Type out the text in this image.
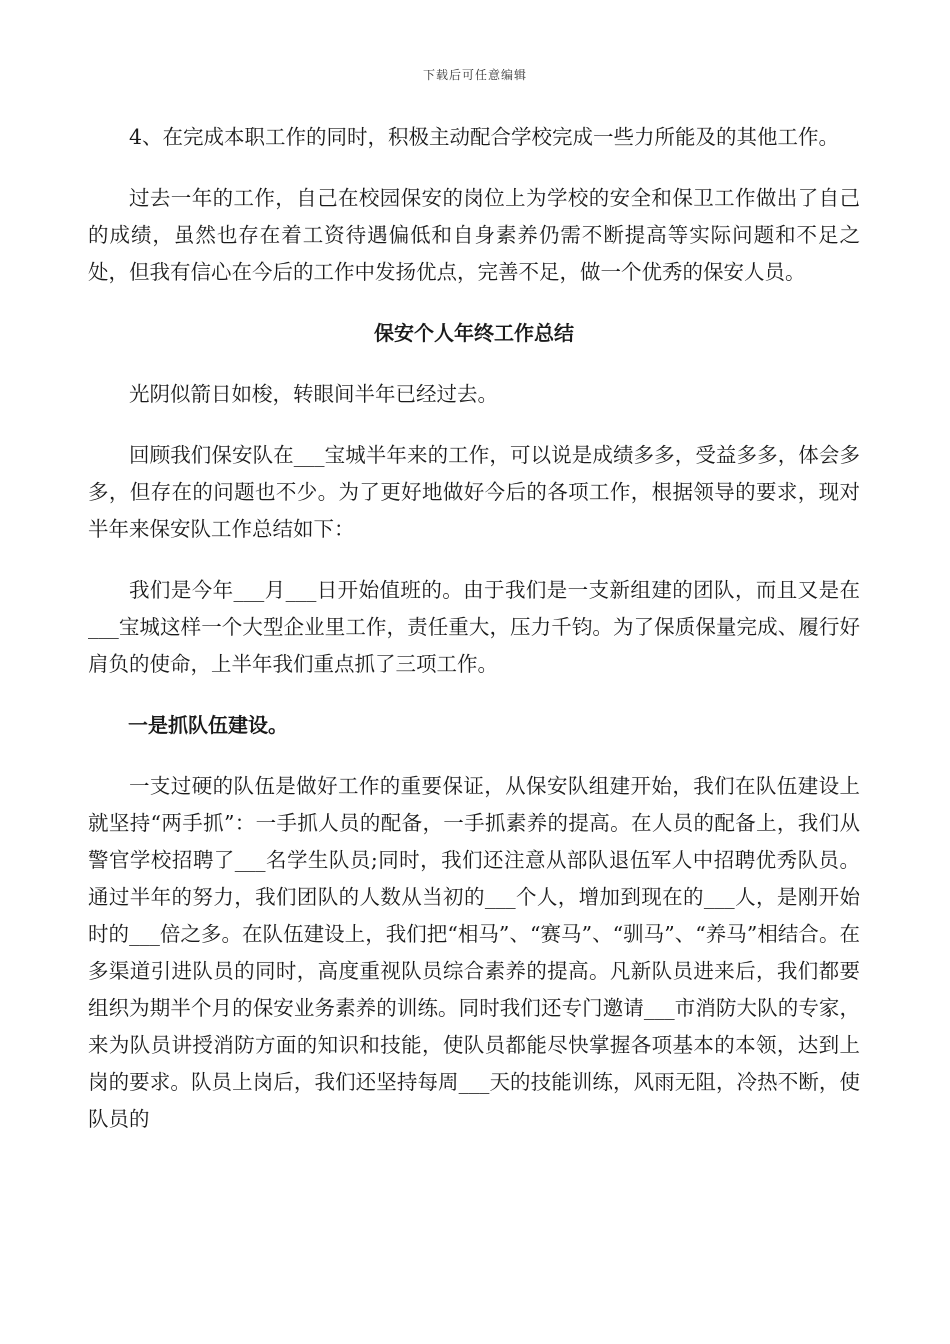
下载后可任意编辑

4、在完成本职工作的同时，积极主动配合学校完成一些力所能及的其他工作。

过去一年的工作，自己在校园保安的岗位上为学校的安全和保卫工作做出了自己的成绩，虽然也存在着工资待遇偏低和自身素养仍需不断提高等实际问题和不足之处，但我有信心在今后的工作中发扬优点，完善不足，做一个优秀的保安人员。

保安个人年终工作总结

光阴似箭日如梭，转眼间半年已经过去。

回顾我们保安队在___宝城半年来的工作，可以说是成绩多多，受益多多，体会多多，但存在的问题也不少。为了更好地做好今后的各项工作，根据领导的要求，现对半年来保安队工作总结如下：

我们是今年___月___日开始值班的。由于我们是一支新组建的团队，而且又是在___宝城这样一个大型企业里工作，责任重大，压力千钧。为了保质保量完成、履行好肩负的使命，上半年我们重点抓了三项工作。

一是抓队伍建设。

一支过硬的队伍是做好工作的重要保证，从保安队组建开始，我们在队伍建设上就坚持“两手抓”：一手抓人员的配备，一手抓素养的提高。在人员的配备上，我们从警官学校招聘了___名学生队员;同时，我们还注意从部队退伍军人中招聘优秀队员。通过半年的努力，我们团队的人数从当初的___个人，增加到现在的___人，是刚开始时的___倍之多。在队伍建设上，我们把“相马”、“赛马”、“驯马”、“养马”相结合。在多渠道引进队员的同时，高度重视队员综合素养的提高。凡新队员进来后，我们都要组织为期半个月的保安业务素养的训练。同时我们还专门邀请___市消防大队的专家，来为队员讲授消防方面的知识和技能，使队员都能尽快掌握各项基本的本领，达到上岗的要求。队员上岗后，我们还坚持每周___天的技能训练，风雨无阻，冷热不断，使队员的
